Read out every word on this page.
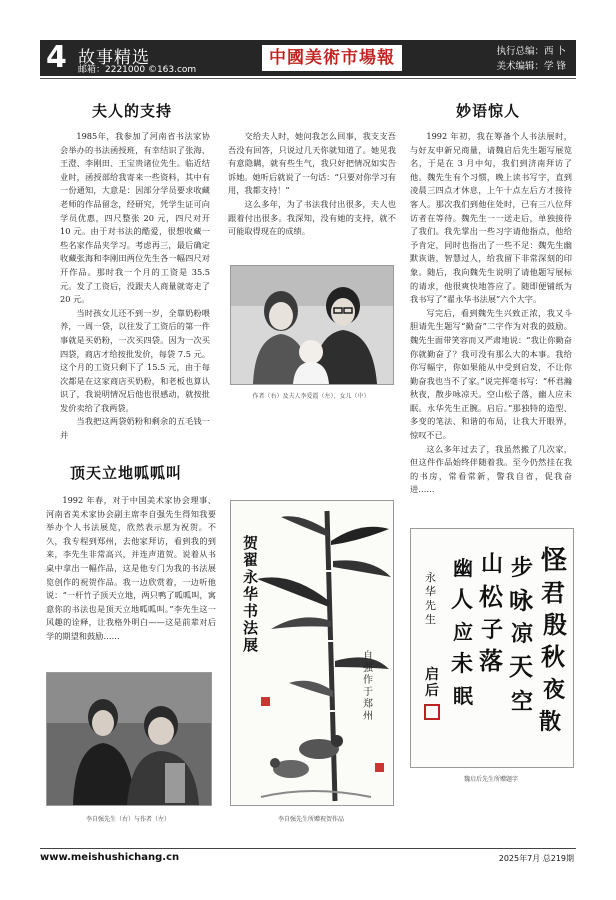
4 故事精选
邮箱：2221000 ©163.com
中國美術市場報	执行总编：西 卜
美术编辑：学 锋
夫人的支持

1985年，我参加了河南省书法家协会举办的书法函授班，有幸结识了张海、王澄、李刚田、王宝贵诸位先生。临近结业时，函授部给我寄来一些资料，其中有一份通知，大意是：因部分学员要求收藏老师的作品留念，经研究，凭学生证可向学员优惠，四尺整张 20 元，四尺对开 10 元。由于对书法的酷爱，很想收藏一些名家作品夹学习。考虑再三，最后确定收藏张海和李刚田两位先生各一幅四尺对开作品。那时我一个月的工资是 35.5元。发了工资后，没跟夫人商量就寄走了 20 元。

当时孩女儿还不到一岁，全靠奶粉喂养，一周一袋，以往发了工资后的第一件事就是买奶粉，一次买四袋。因为一次买四袋，商店才给按批发价，每袋 7.5 元。这个月的工资只剩下了 15.5 元，由于每次都是在这家商店买奶粉，和老板也算认识了，我说明情况后他也很感动，就按批发价卖给了我两袋。

当我把这两袋奶粉和剩余的五毛钱一并

交给夫人时，她问我怎么回事，我支支吾吾没有回答，只说过几天你就知道了。她见我有意隐瞒，就有些生气，我只好把情况如实告诉她。她听后就说了一句话：“只要对你学习有用，我都支持！”

这么多年，为了书法我付出很多，夫人也跟着付出很多。我深知，没有她的支持，就不可能取得现在的成绩。

作者（右）及夫人李爱霞（左）、女儿（中）
妙语惊人

1992 年初，我在筹备个人书法展时，与好友申新兄商量，请魏启后先生题写展览名，于是在 3 月中旬，我们到济南拜访了他。魏先生有个习惯，晚上读书写字，直到凌晨三四点才休息，上午十点左后方才接待客人。那次我们到他住处时，已有三八位拜访者在等待。魏先生一一送走后，单独接待了我们。我先掌出一些习字请他指点，他给予肯定，同时也指出了一些不足：魏先生幽默诙谐，智慧过人，给我留下非常深刻的印象。随后，我向魏先生说明了请他题写展标的请求，他很爽快地答应了。随即便铺纸为我书写了“翟永华书法展”六个大字。

写完后，看到魏先生兴致正浓，我又斗胆请先生题写“勤奋”二字作为对我的鼓励。魏先生面带笑容而又严肃地说：“我让你勤奋你就勤奋了？我可没有那么大的本事。我给你写幅字，你如果能从中受到启发，不让你勤奋我也当不了家。”说完挥毫书写：“杯君瀚秋夜，散步咏凉天。空山松子落，幽人应未眠。永华先生正腕。启后。”那独特的造型、多变的笔法、和谐的布局，让我大开眼界，惊叹不已。

这么多年过去了，我虽然搬了几次家，但这件作品始终伴随着我。至今仍然挂在我的书房，常看常新，警我自省，促我奋进……

怪
君
殷
秋
夜
散
步
咏
凉
天
空
山
松
子
落
幽
人
应
未
眠
永
华
先
生
启
后
魏启后先生所赠题字
顶天立地呱呱叫

1992 年春，对于中国美术家协会理事、河南省美术家协会副主席李自强先生得知我要举办个人书法展览，欣然表示愿为祝贺。不久，我专程到郑州，去他家拜访，看到我的到来，李先生非常高兴，并连声道贺。说着从书桌中拿出一幅作品，这是他专门为我的书法展览创作的祝贺作品。我一边欣赏着，一边听他说：“一杆竹子顶天立地，两只鸭了呱呱叫，寓意你的书法也是顶天立地呱呱叫。”李先生这一风趣的诠释，让我格外明白——这是前辈对后学的期望和鼓励……

李自强先生（右）与作者（左）
贺翟永华书法展
自强作于郑州
李自强先生所赠祝贺作品
www.meishushichang.cn	2025年7月 总219期
